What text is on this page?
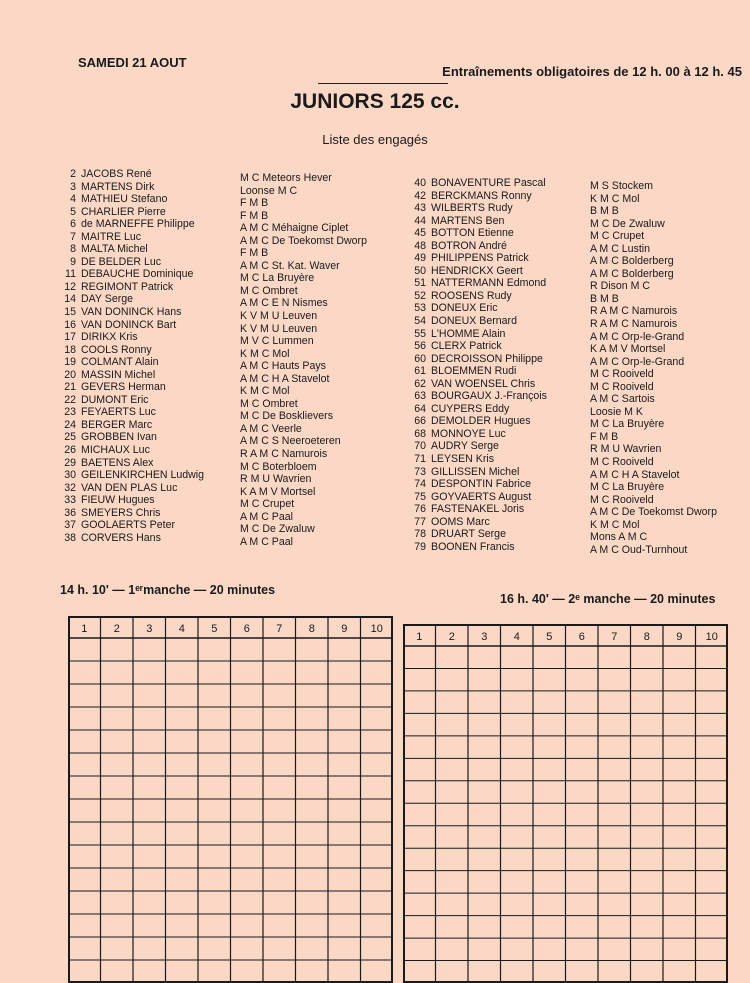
SAMEDI 21 AOUT
Entraînements obligatoires de 12 h. 00 à 12 h. 45
JUNIORS 125 cc.
Liste des engagés
2 JACOBS René
3 MARTENS Dirk
4 MATHIEU Stefano
5 CHARLIER Pierre
6 de MARNEFFE Philippe
7 MAITRE Luc
8 MALTA Michel
9 DE BELDER Luc
11 DEBAUCHE Dominique
12 REGIMONT Patrick
14 DAY Serge
15 VAN DONINCK Hans
16 VAN DONINCK Bart
17 DIRIKX Kris
18 COOLS Ronny
19 COLMANT Alain
20 MASSIN Michel
21 GEVERS Herman
22 DUMONT Eric
23 FEYAERTS Luc
24 BERGER Marc
25 GROBBEN Ivan
26 MICHAUX Luc
29 BAETENS Alex
30 GEILENKIRCHEN Ludwig
32 VAN DEN PLAS Luc
33 FIEUW Hugues
36 SMEYERS Chris
37 GOOLAERTS Peter
38 CORVERS Hans
M C Meteors Hever
Loonse M C
F M B
F M B
A M C Méhaigne Ciplet
A M C De Toekomst Dworp
F M B
A M C St. Kat. Waver
M C La Bruyère
M C Ombret
A M C E N Nismes
K V M U Leuven
K V M U Leuven
M V C Lummen
K M C Mol
A M C Hauts Pays
A M C H A Stavelot
K M C Mol
M C Ombret
M C De Bosklievers
A M C Veerle
A M C S Neeroeteren
R A M C Namurois
M C Boterbloem
R M U Wavrien
K A M V Mortsel
M C Crupet
A M C Paal
M C De Zwaluw
A M C Paal
40 BONAVENTURE Pascal
42 BERCKMANS Ronny
43 WILBERTS Rudy
44 MARTENS Ben
45 BOTTON Etienne
48 BOTRON André
49 PHILIPPENS Patrick
50 HENDRICKX Geert
51 NATTERMANN Edmond
52 ROOSENS Rudy
53 DONEUX Eric
54 DONEUX Bernard
55 L'HOMME Alain
56 CLERX Patrick
60 DECROISSON Philippe
61 BLOEMMEN Rudi
62 VAN WOENSEL Chris
63 BOURGAUX J.-François
64 CUYPERS Eddy
66 DEMOLDER Hugues
68 MONNOYE Luc
70 AUDRY Serge
71 LEYSEN Kris
73 GILLISSEN Michel
74 DESPONTIN Fabrice
75 GOYVAERTS August
76 FASTENAKEL Joris
77 OOMS Marc
78 DRUART Serge
79 BOONEN Francis
M S Stockem
K M C Mol
B M B
M C De Zwaluw
M C Crupet
A M C Lustin
A M C Bolderberg
A M C Bolderberg
R Dison M C
B M B
R A M C Namurois
R A M C Namurois
A M C Orp-le-Grand
K A M V Mortsel
A M C Orp-le-Grand
M C Rooiveld
M C Rooiveld
A M C Sartois
Loosie M K
M C La Bruyère
F M B
R M U Wavrien
M C Rooiveld
A M C H A Stavelot
M C La Bruyère
M C Rooiveld
A M C De Toekomst Dworp
K M C Mol
Mons A M C
A M C Oud-Turnhout
14 h. 10' — 1ᵉʳmanche — 20 minutes
16 h. 40' — 2ᵉ manche — 20 minutes
1 2 3 4 5 6 7 8 9 10
1 2 3 4 5 6 7 8 9 10
